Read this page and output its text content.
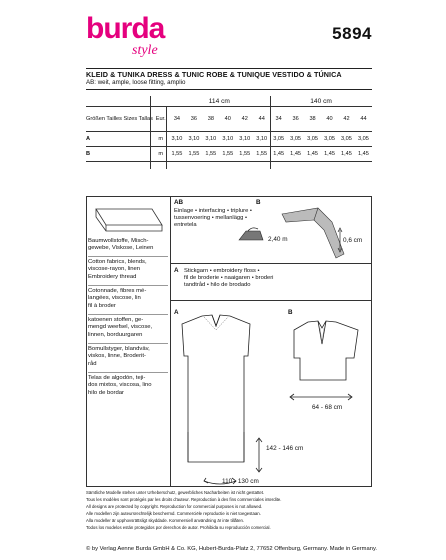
burda
style
5894
KLEID & TUNIKA DRESS & TUNIC ROBE & TUNIQUE VESTIDO & TÚNICA
AB: weit, ample, loose fitting, amplio
		114 cm						140 cm					
Größen Tailles Sizes Tallas	Eur.	34	36	38	40	42	44	34	36	38	40	42	44
A	m	3,10	3,10	3,10	3,10	3,10	3,10	3,05	3,05	3,05	3,05	3,05	3,05
B	m	1,55	1,55	1,55	1,55	1,55	1,55	1,45	1,45	1,45	1,45	1,45	1,45
Baumwollstoffe, Misch-
gewebe, Viskose, Leinen
Cotton fabrics, blends,
viscose-rayon, linen
Embroidery thread
Cotonnade, fibres mé-
langées, viscose, lin
fil à broder
katoenen stoffen, ge-
mengd weefsel, viscose,
linnen, borduurgaren
Bomullstyger, blandväv,
viskos, linne, Broderit-
råd
Telas de algodón, teji-
dos mixtos, viscosa, lino
hilo de bordar
AB	B
Einlage • interfacing • triplure •
tussenvoering • mellanlägg •
entretela
2,40 m	0,6 cm
A Stickgarn • embroidery floss •
fil de broderie • naaigaren • broderi
tandtråd • hilo de brodado
A	B
64 - 68 cm
142 - 146 cm
110 - 130 cm
Sämtliche Modelle stehen unter Urheberschutz, gewerbliches Nacharbeiten ist nicht gestattet.
Tous les modèles sont protégés par les droits d'auteur. Reproduction à des fins commerciales interdite.
All designs are protected by copyright. Reproduction for commercial purposes is not allowed.
Alle modellen zijn auteursrechtelijk beschermd. Commerciële reproductie is niet toegestaan.
Alla modeller är upphovsrättsligt skyddade. Kommersiell användning är inte tillåten.
Todos los modelos están protegidos por derechos de autor. Prohibida su reproducción comercial.
© by Verlag Aenne Burda GmbH & Co. KG, Hubert-Burda-Platz 2, 77652 Offenburg, Germany. Made in Germany.
